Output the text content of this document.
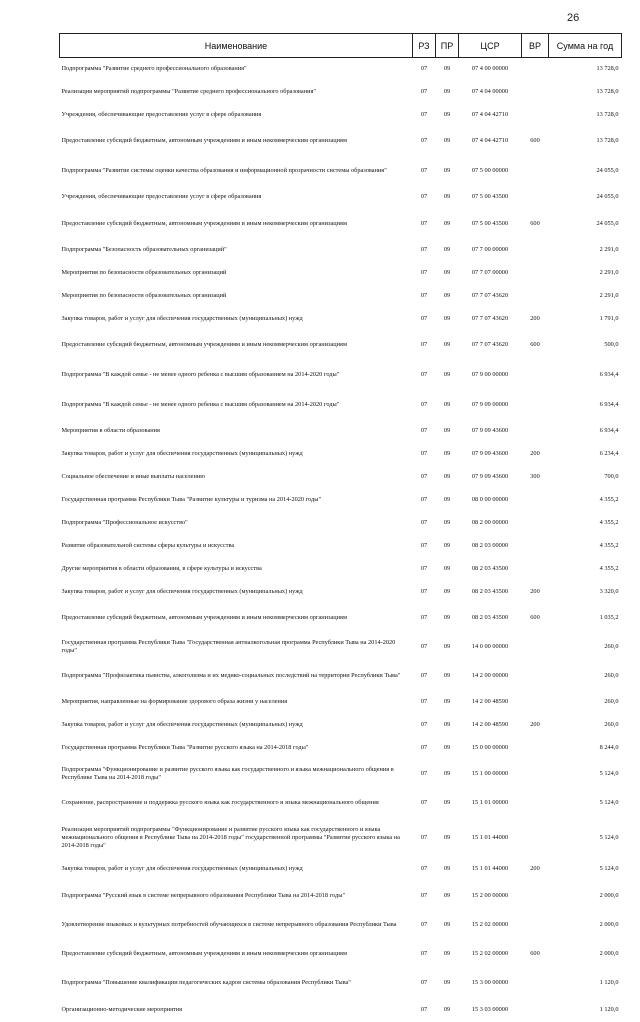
26
Наименование	РЗ	ПР	ЦСР	ВР	Сумма на год
Подпрограмма "Развитие среднего профессионального образования"	07	09	07 4 00 00000		13 728,0
Реализация мероприятий подпрограммы "Развитие среднего профессионального образования"	07	09	07 4 04 00000		13 728,0
Учреждения, обеспечивающие предоставление услуг в сфере образования	07	09	07 4 04 42710		13 728,0
Предоставление субсидий бюджетным, автономным учреждениям и иным некоммерческим организациям	07	09	07 4 04 42710	600	13 728,0
Подпрограмма "Развитие системы оценки качества образования и информационной прозрачности системы образования"	07	09	07 5 00 00000		24 055,0
Учреждения, обеспечивающие предоставление услуг в сфере образования	07	09	07 5 00 43500		24 055,0
Предоставление субсидий бюджетным, автономным учреждениям и иным некоммерческим организациям	07	09	07 5 00 43500	600	24 055,0
Подпрограмма "Безопасность образовательных организаций"	07	09	07 7 00 00000		2 291,0
Мероприятия по безопасности образовательных организаций	07	09	07 7 07 00000		2 291,0
Мероприятия по безопасности образовательных организаций	07	09	07 7 07 43620		2 291,0
Закупка товаров, работ и услуг для обеспечения государственных (муниципальных) нужд	07	09	07 7 07 43620	200	1 791,0
Предоставление субсидий бюджетным, автономным учреждениям и иным некоммерческим организациям	07	09	07 7 07 43620	600	500,0
Подпрограмма "В каждой семье - не менее одного ребенка с высшим образованием на 2014-2020 годы"	07	09	07 9 00 00000		6 934,4
Подпрограмма "В каждой семье - не менее одного ребенка с высшим образованием на 2014-2020 годы"	07	09	07 9 09 00000		6 934,4
Мероприятия в области образования	07	09	07 9 09 43600		6 934,4
Закупка товаров, работ и услуг для обеспечения государственных (муниципальных) нужд	07	09	07 9 09 43600	200	6 234,4
Социальное обеспечение и иные выплаты населению	07	09	07 9 09 43600	300	700,0
Государственная программа Республики Тыва "Развитие культуры и туризма на 2014-2020 годы"	07	09	08 0 00 00000		4 355,2
Подпрограмма "Профессиональное искусство"	07	09	08 2 00 00000		4 355,2
Развитие образовательной системы сферы культуры и искусства	07	09	08 2 03 00000		4 355,2
Другие мероприятия в области образования, в сфере культуры и искусства	07	09	08 2 03 43500		4 355,2
Закупка товаров, работ и услуг для обеспечения государственных (муниципальных) нужд	07	09	08 2 03 43500	200	3 320,0
Предоставление субсидий бюджетным, автономным учреждениям и иным некоммерческим организациям	07	09	08 2 03 43500	600	1 035,2
Государственная программа Республики Тыва "Государственная антиалкогольная программа Республики Тыва на 2014-2020 годы"	07	09	14 0 00 00000		260,0
Подпрограмма "Профилактика пьянства, алкоголизма и их медико-социальных последствий на территории Республики Тыва"	07	09	14 2 00 00000		260,0
Мероприятия, направленные на формирование здорового образа жизни у населения	07	09	14 2 00 48590		260,0
Закупка товаров, работ и услуг для обеспечения государственных (муниципальных) нужд	07	09	14 2 00 48590	200	260,0
Государственная программа Республики Тыва "Развитие русского языка на 2014-2018 годы"	07	09	15 0 00 00000		8 244,0
Подпрограмма "Функционирование и развитие русского языка как государственного и языка межнационального общения в Республике Тыва на 2014-2018 годы"	07	09	15 1 00 00000		5 124,0
Сохранение, распространение и поддержка русского языка как государственного и языка межнационального общения	07	09	15 1 01 00000		5 124,0
Реализация мероприятий подпрограммы "Функционирование и развитие русского языка как государственного и языка межнационального общения в Республике Тыва на 2014-2018 годы" государственной программы "Развитие русского языка на 2014-2018 годы"	07	09	15 1 01 44000		5 124,0
Закупка товаров, работ и услуг для обеспечения государственных (муниципальных) нужд	07	09	15 1 01 44000	200	5 124,0
Подпрограмма "Русский язык в системе непрерывного образования Республики Тыва на 2014-2018 годы"	07	09	15 2 00 00000		2 000,0
Удовлетворение языковых и культурных потребностей обучающихся в системе непрерывного образования Республики Тыва	07	09	15 2 02 00000		2 000,0
Предоставление субсидий бюджетным, автономным учреждениям и иным некоммерческим организациям	07	09	15 2 02 00000	600	2 000,0
Подпрограмма "Повышение квалификации педагогических кадров системы образования Республики Тыва"	07	09	15 3 00 00000		1 120,0
Организационно-методические мероприятия	07	09	15 3 03 00000		1 120,0
